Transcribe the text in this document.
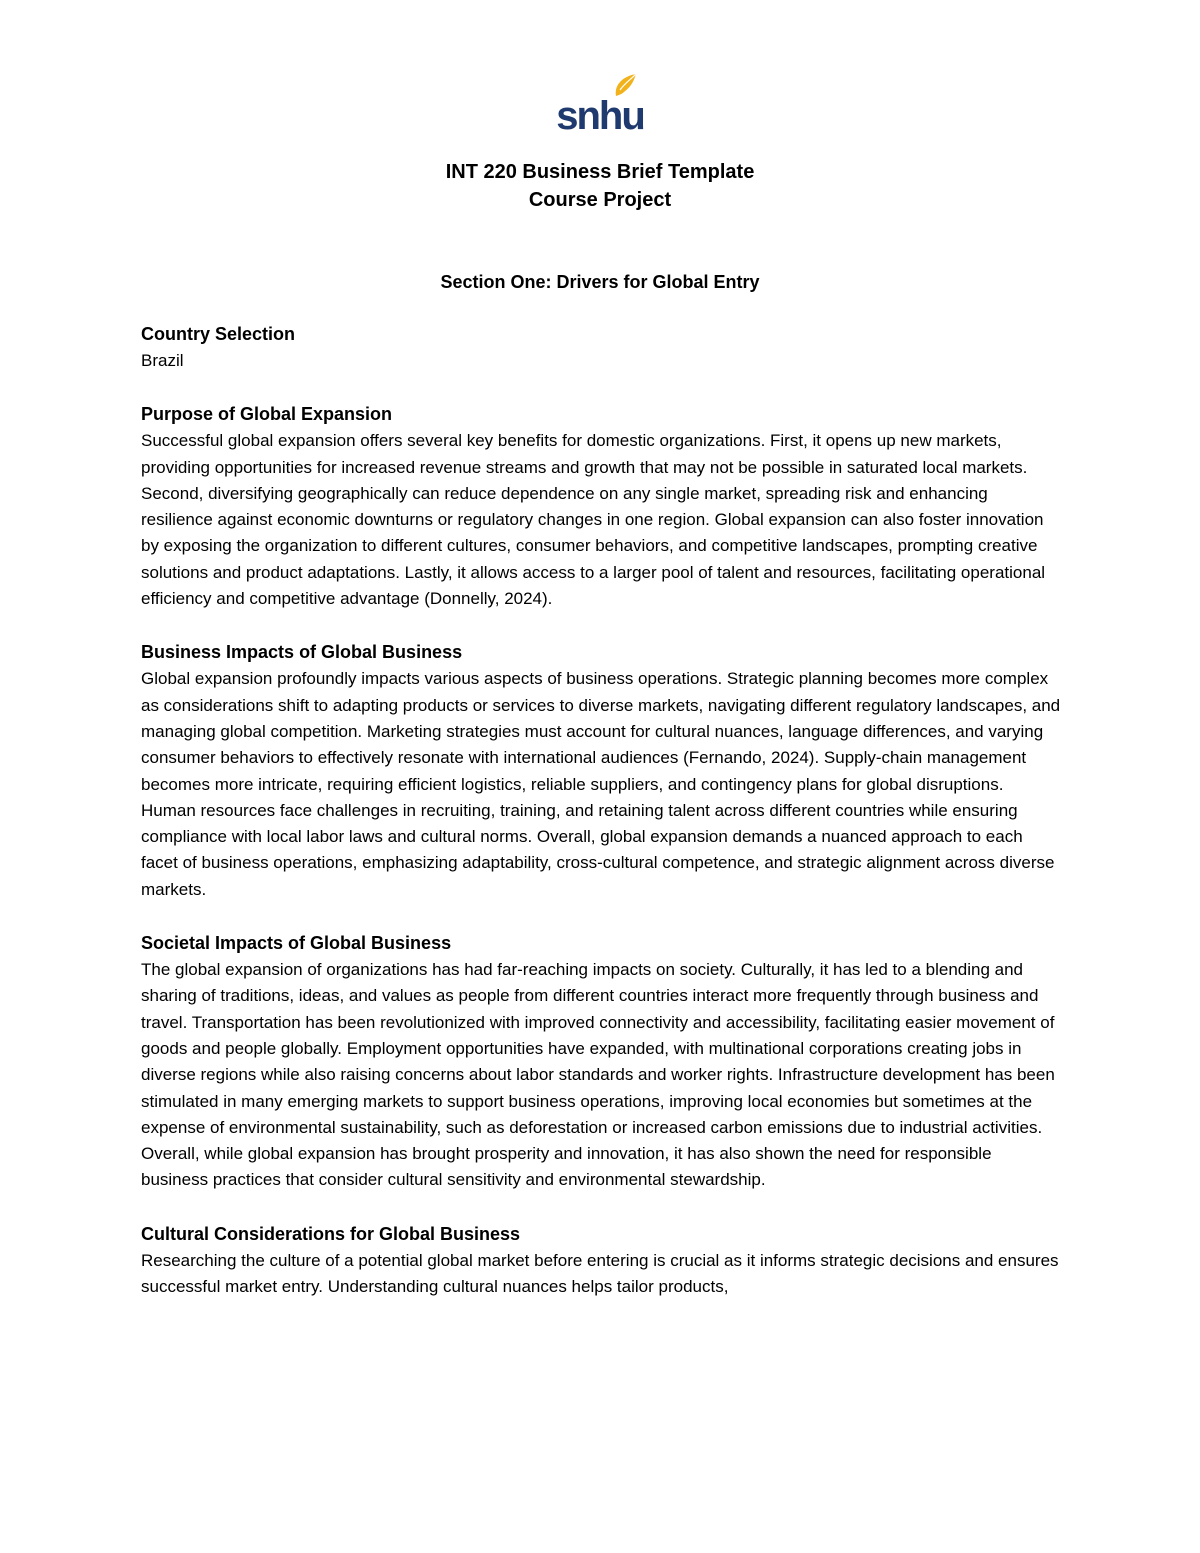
snhu
INT 220 Business Brief Template
Course Project
Section One: Drivers for Global Entry

Country Selection

Brazil

Purpose of Global Expansion

Successful global expansion offers several key benefits for domestic organizations. First, it opens up new markets, providing opportunities for increased revenue streams and growth that may not be possible in saturated local markets. Second, diversifying geographically can reduce dependence on any single market, spreading risk and enhancing resilience against economic downturns or regulatory changes in one region. Global expansion can also foster innovation by exposing the organization to different cultures, consumer behaviors, and competitive landscapes, prompting creative solutions and product adaptations. Lastly, it allows access to a larger pool of talent and resources, facilitating operational efficiency and competitive advantage (Donnelly, 2024).

Business Impacts of Global Business

Global expansion profoundly impacts various aspects of business operations. Strategic planning becomes more complex as considerations shift to adapting products or services to diverse markets, navigating different regulatory landscapes, and managing global competition. Marketing strategies must account for cultural nuances, language differences, and varying consumer behaviors to effectively resonate with international audiences (Fernando, 2024). Supply-chain management becomes more intricate, requiring efficient logistics, reliable suppliers, and contingency plans for global disruptions. Human resources face challenges in recruiting, training, and retaining talent across different countries while ensuring compliance with local labor laws and cultural norms. Overall, global expansion demands a nuanced approach to each facet of business operations, emphasizing adaptability, cross-cultural competence, and strategic alignment across diverse markets.

Societal Impacts of Global Business

The global expansion of organizations has had far-reaching impacts on society. Culturally, it has led to a blending and sharing of traditions, ideas, and values as people from different countries interact more frequently through business and travel. Transportation has been revolutionized with improved connectivity and accessibility, facilitating easier movement of goods and people globally. Employment opportunities have expanded, with multinational corporations creating jobs in diverse regions while also raising concerns about labor standards and worker rights. Infrastructure development has been stimulated in many emerging markets to support business operations, improving local economies but sometimes at the expense of environmental sustainability, such as deforestation or increased carbon emissions due to industrial activities. Overall, while global expansion has brought prosperity and innovation, it has also shown the need for responsible business practices that consider cultural sensitivity and environmental stewardship.

Cultural Considerations for Global Business

Researching the culture of a potential global market before entering is crucial as it informs strategic decisions and ensures successful market entry. Understanding cultural nuances helps tailor products,
